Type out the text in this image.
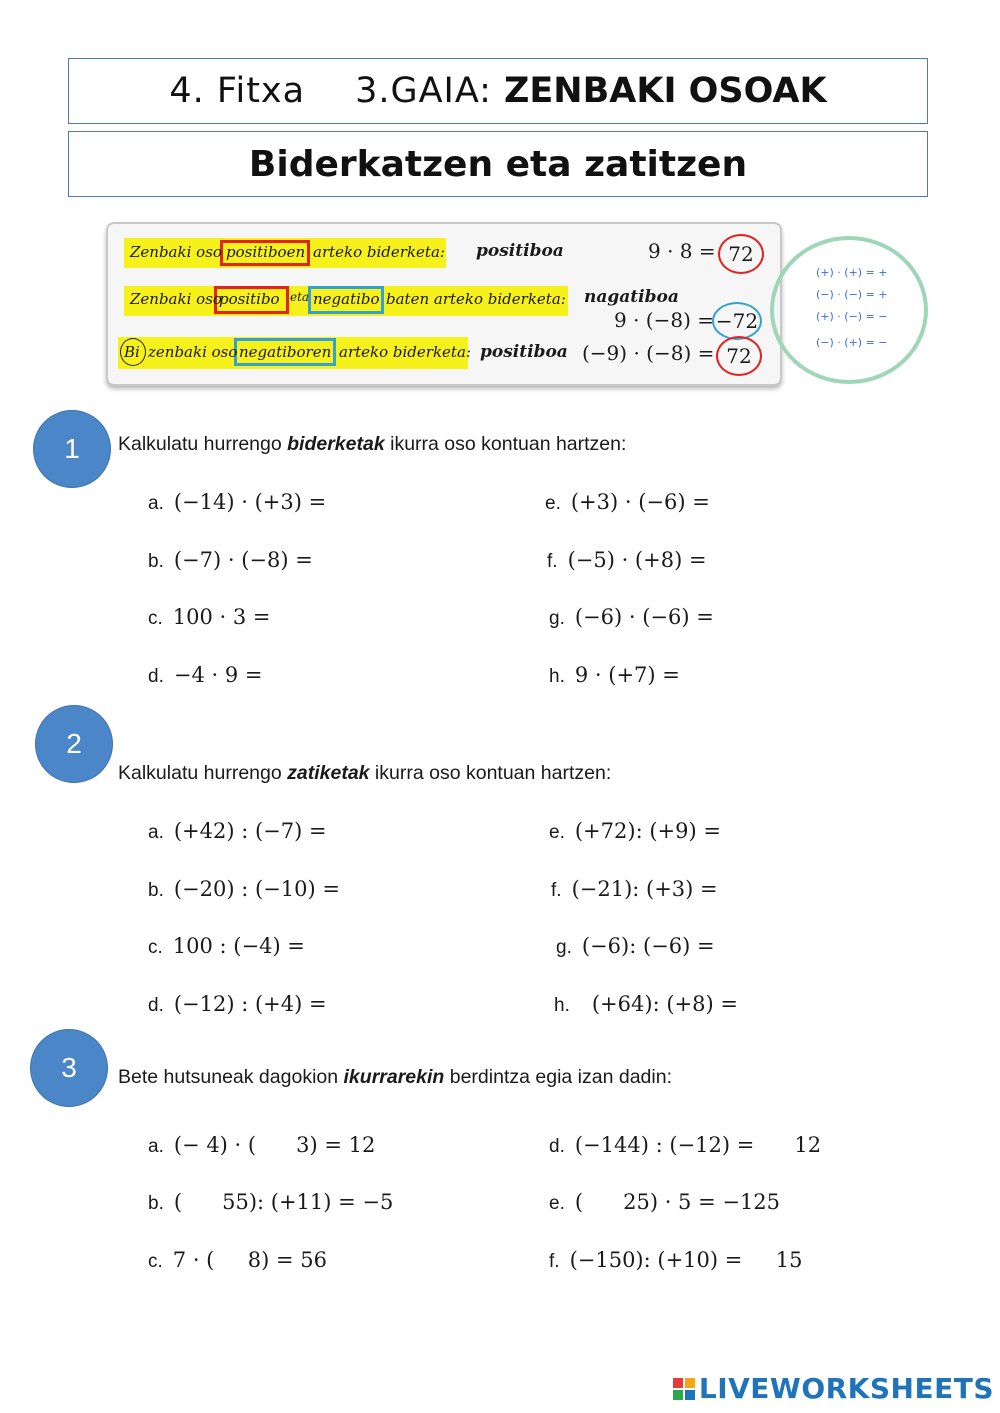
4. Fitxa 3.GAIA: ZENBAKI OSOAK
Biderkatzen eta zatitzen
Zenbaki oso positiboen arteko biderketa: positiboa	9 · 8 = 72
Zenbaki oso
positibo eta negatibo baten arteko biderketa: nagatiboa
9 · (−8) = −72
Bi zenbaki oso negatiboren arteko biderketa: positiboa (−9) · (−8) = 72
(+) · (+) = +
(−) · (−) = +
(+) · (−) = −
(−) · (+) = −
1 Kalkulatu hurrengo biderketak ikurra oso kontuan hartzen:
a. (−14) · (+3) =
b. (−7) · (−8) =
c. 100 · 3 =
d. −4 · 9 =
e. (+3) · (−6) =
f. (−5) · (+8) =
g. (−6) · (−6) =
h. 9 · (+7) =
2
Kalkulatu hurrengo zatiketak ikurra oso kontuan hartzen:
a. (+42) : (−7) =
b. (−20) : (−10) =
c. 100 : (−4) =
d. (−12) : (+4) =
e. (+72): (+9) =
f. (−21): (+3) =
g. (−6): (−6) =
h. (+64): (+8) =
3 Bete hutsuneak dagokion ikurrarekin berdintza egia izan dadin:
a. (− 4) · (      3) = 12
b. (      55): (+11) = −5
c. 7 · (     8) = 56
d. (−144) : (−12) =      12
e. (      25) · 5 = −125
f. (−150): (+10) =     15
LIVEWORKSHEETS
